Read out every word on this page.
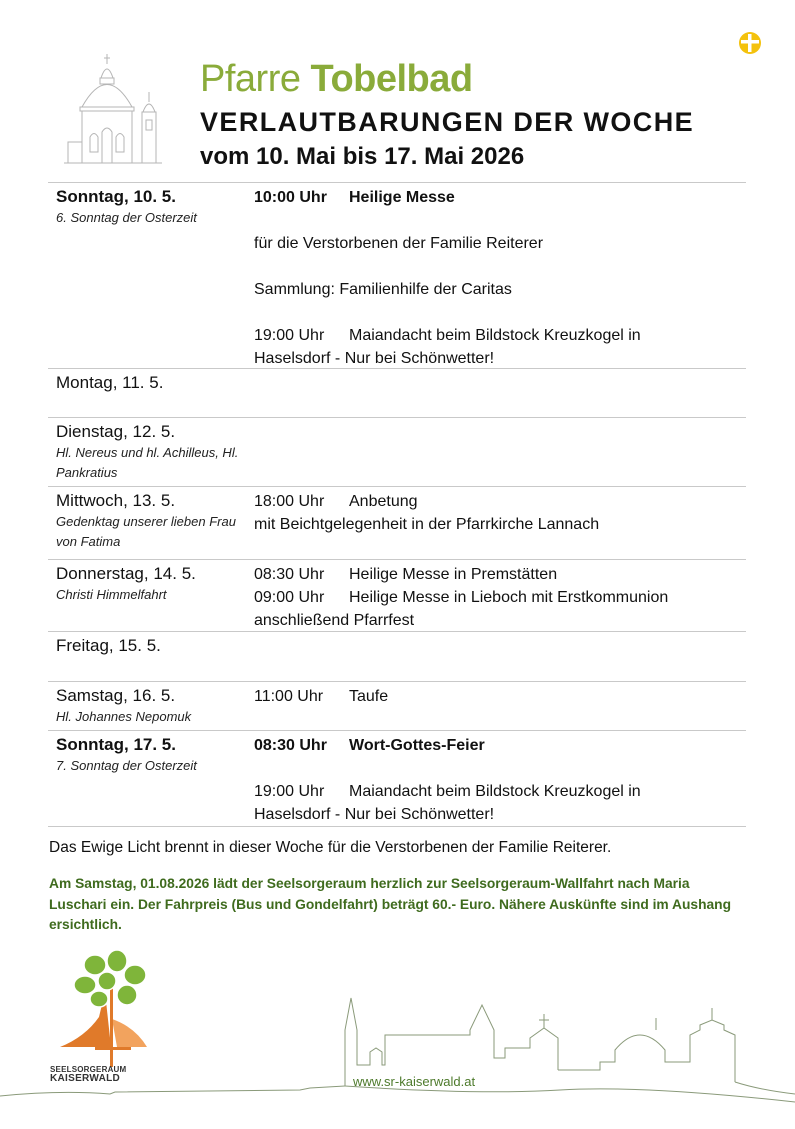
Pfarre Tobelbad
VERLAUTBARUNGEN DER WOCHE
vom 10. Mai bis 17. Mai 2026
Sonntag, 10. 5.
6. Sonntag der Osterzeit
10:00 Uhr Heilige Messe
für die Verstorbenen der Familie Reiterer
Sammlung: Familienhilfe der Caritas
19:00 Uhr Maiandacht beim Bildstock Kreuzkogel in
Haselsdorf - Nur bei Schönwetter!
Montag, 11. 5.
Dienstag, 12. 5.
Hl. Nereus und hl. Achilleus, Hl. Pankratius
Mittwoch, 13. 5.
Gedenktag unserer lieben Frau von Fatima
18:00 Uhr Anbetung
mit Beichtgelegenheit in der Pfarrkirche Lannach
Donnerstag, 14. 5.
Christi Himmelfahrt
08:30 Uhr Heilige Messe in Premstätten
09:00 Uhr Heilige Messe in Lieboch mit Erstkommunion
anschließend Pfarrfest
Freitag, 15. 5.
Samstag, 16. 5.
Hl. Johannes Nepomuk
11:00 Uhr Taufe
Sonntag, 17. 5.
7. Sonntag der Osterzeit
08:30 Uhr Wort-Gottes-Feier
19:00 Uhr Maiandacht beim Bildstock Kreuzkogel in
Haselsdorf - Nur bei Schönwetter!
Das Ewige Licht brennt in dieser Woche für die Verstorbenen der Familie Reiterer.
Am Samstag, 01.08.2026 lädt der Seelsorgeraum herzlich zur Seelsorgeraum-Wallfahrt nach Maria Luschari ein. Der Fahrpreis (Bus und Gondelfahrt) beträgt 60.- Euro. Nähere Auskünfte sind im Aushang ersichtlich.
SEELSORGERAUM
KAISERWALD	www.sr-kaiserwald.at
